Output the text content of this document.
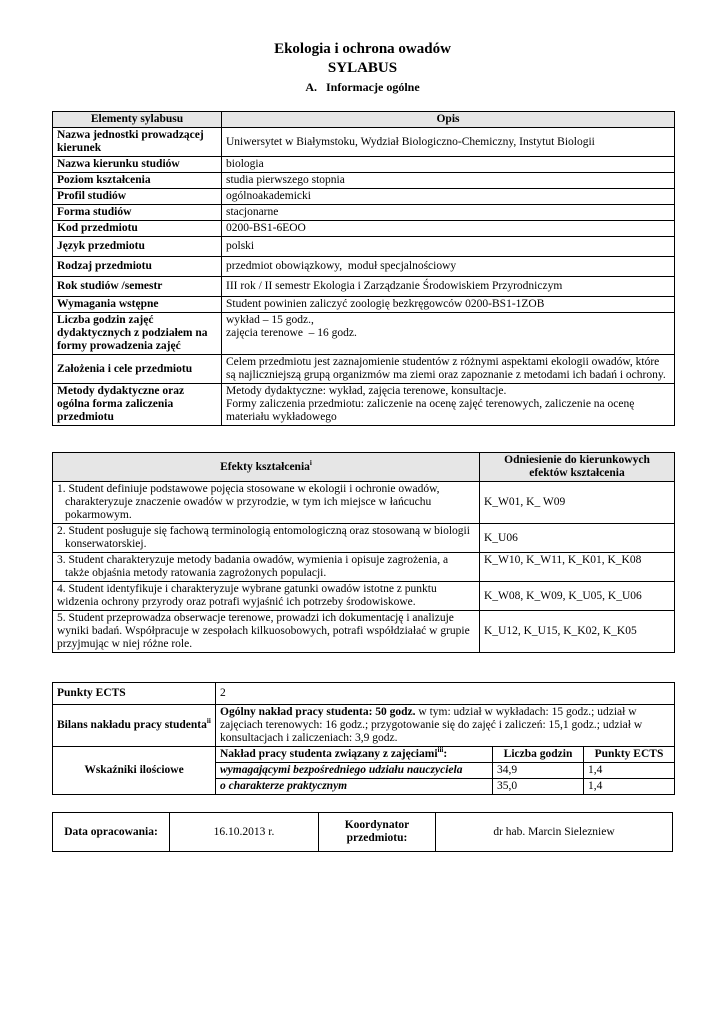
Ekologia i ochrona owadów
SYLABUS
A.   Informacje ogólne
Elementy sylabusu	Opis
Nazwa jednostki prowadzącej kierunek	Uniwersytet w Białymstoku, Wydział Biologiczno-Chemiczny, Instytut Biologii
Nazwa kierunku studiów	biologia
Poziom kształcenia	studia pierwszego stopnia
Profil studiów	ogólnoakademicki
Forma studiów	stacjonarne
Kod przedmiotu	0200-BS1-6EOO
Język przedmiotu	polski
Rodzaj przedmiotu	przedmiot obowiązkowy,  moduł specjalnościowy
Rok studiów /semestr	III rok / II semestr Ekologia i Zarządzanie Środowiskiem Przyrodniczym
Wymagania wstępne	Student powinien zaliczyć zoologię bezkręgowców 0200-BS1-1ZOB
Liczba godzin zajęć dydaktycznych z podziałem na formy prowadzenia zajęć	wykład – 15 godz.,
zajęcia terenowe  – 16 godz.

Założenia i cele przedmiotu	Celem przedmiotu jest zaznajomienie studentów z różnymi aspektami ekologii owadów, które są najliczniejszą grupą organizmów ma ziemi oraz zapoznanie z metodami ich badań i ochrony.
Metody dydaktyczne oraz ogólna forma zaliczenia przedmiotu	Metody dydaktyczne: wykład, zajęcia terenowe, konsultacje.
Formy zaliczenia przedmiotu: zaliczenie na ocenę zajęć terenowych, zaliczenie na ocenę materiału wykładowego
Efekty kształcenia$^i$	Odniesienie do kierunkowych efektów kształcenia

1. Student definiuje podstawowe pojęcia stosowane w ekologii i ochronie owadów, charakteryzuje znaczenie owadów w przyrodzie, w tym ich miejsce w łańcuchu pokarmowym.	K_W01, K_ W09

2. Student posługuje się fachową terminologią entomologiczną oraz stosowaną w biologii konserwatorskiej.	K_U06

3. Student charakteryzuje metody badania owadów, wymienia i opisuje zagrożenia, a także objaśnia metody ratowania zagrożonych populacji.	K_W10, K_W11, K_K01, K_K08
4. Student identyfikuje i charakteryzuje wybrane gatunki owadów istotne z punktu widzenia ochrony przyrody oraz potrafi wyjaśnić ich potrzeby środowiskowe.	K_W08, K_W09, K_U05, K_U06
5. Student przeprowadza obserwacje terenowe, prowadzi ich dokumentację i analizuje wyniki badań. Współpracuje w zespołach kilkuosobowych, potrafi współdziałać w grupie przyjmując w niej różne role.	K_U12, K_U15, K_K02, K_K05
Punkty ECTS	2		
Bilans nakładu pracy studenta$^{ii}$	Ogólny nakład pracy studenta: 50 godz. w tym: udział w wykładach: 15 godz.; udział w zajęciach terenowych: 16 godz.; przygotowanie się do zajęć i zaliczeń: 15,1 godz.; udział w konsultacjach i zaliczeniach: 3,9 godz.		
Wskaźniki ilościowe	Nakład pracy studenta związany z zajęciami$^{iii}$:	Liczba godzin	Punkty ECTS
	wymagającymi bezpośredniego udziału nauczyciela	34,9	1,4
	o charakterze praktycznym	35,0	1,4
Data opracowania:	16.10.2013 r.	Koordynator przedmiotu:	dr hab. Marcin Sielezniew
